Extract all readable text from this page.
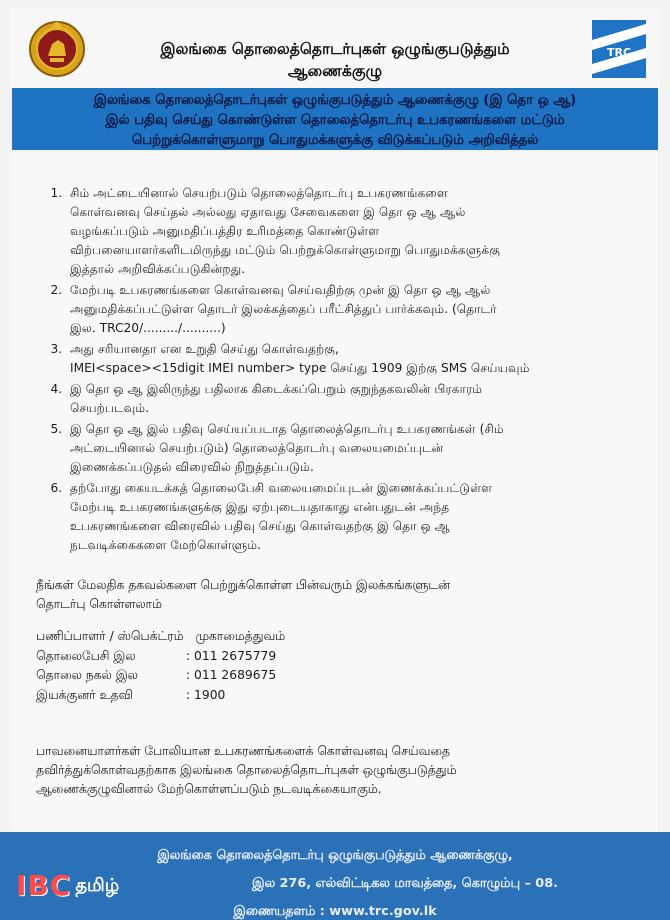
இலங்கை தொலைத்தொடர்புகள் ஒழுங்குபடுத்தும்
ஆணைக்குழு
TRC
இலங்கை தொலைத்தொடர்புகள் ஒழுங்குபடுத்தும் ஆணைக்குழு (இ தொ ஒ ஆ)
இல் பதிவு செய்து கொண்டுள்ள தொலைத்தொடர்பு உபகரணங்களை மட்டும்
பெற்றுக்கொள்ளுமாறு பொதுமக்களுக்கு விடுக்கப்படும் அறிவித்தல்
1. சிம் அட்டையினால் செயற்படும் தொலைத்தொடர்பு உபகரணங்களை
கொள்வனவு செய்தல் அல்லது ஏதாவது சேவைகளை இ தொ ஒ ஆ ஆல்
வழங்கப்படும் அனுமதிப்பத்திர உரிமத்தை கொண்டுள்ள
விற்பனையாளர்களிடமிருந்து மட்டும் பெற்றுக்கொள்ளுமாறு பொதுமக்களுக்கு
இத்தால் அறிவிக்கப்படுகின்றது.
2. மேற்படி உபகரணங்களை கொள்வனவு செய்வதிற்கு முன் இ தொ ஒ ஆ ஆல்
அனுமதிக்கப்பட்டுள்ள தொடர் இலக்கத்தைப் பரீட்சித்துப் பார்க்கவும். (தொடர்
இல. TRC20/........./..........)
3. அது சரியானதா என உறுதி செய்து கொள்வதற்கு,
IMEI<space><15digit IMEI number> type செய்து 1909 இற்கு SMS செய்யவும்
4. இ தொ ஒ ஆ இலிருந்து பதிலாக கிடைக்கப்பெறும் குறுந்தகவலின் பிரகாரம்
செயற்படவும்.
5. இ தொ ஒ ஆ இல் பதிவு செய்யப்படாத தொலைத்தொடர்பு உபகரணங்கள் (சிம்
அட்டையினால் செயற்படும்) தொலைத்தொடர்பு வலையமைப்புடன்
இணைக்கப்படுதல் விரைவில் நிறுத்தப்படும்.
6. தற்போது கையடக்கத் தொலைபேசி வலையமைப்புடன் இணைக்கப்பட்டுள்ள
மேற்படி உபகரணங்களுக்கு இது ஏற்புடையதாகாது என்பதுடன் அந்த
உபகரணங்களை விரைவில் பதிவு செய்து கொள்வதற்கு இ தொ ஒ ஆ
நடவடிக்கைகளை மேற்கொள்ளும்.
நீங்கள் மேலதிக தகவல்களை பெற்றுக்கொள்ள பின்வரும் இலக்கங்களுடன்
தொடர்பு கொள்ளலாம்
பணிப்பாளர் / ஸ்பெக்ட்ரம்   முகாமைத்துவம்
தொலைபேசி இல	: 011 2675779
தொலை நகல் இல	: 011 2689675
இயக்குனர் உதவி	: 1900
பாவனையாளர்கள் போலியான உபகரணங்களைக் கொள்வனவு செய்வதை
தவிர்த்துக்கொள்வதற்காக இலங்கை தொலைத்தொடர்புகள் ஒழுங்குபடுத்தும்
ஆணைக்குழுவினால் மேற்கொள்ளப்படும் நடவடிக்கையாகும்.
இலங்கை தொலைத்தொடர்பு ஒழுங்குபடுத்தும் ஆணைக்குழு,
இல 276, எல்விட்டிகல மாவத்தை, கொழும்பு – 08.
இணையதளம் : www.trc.gov.lk
IBC தமிழ்
